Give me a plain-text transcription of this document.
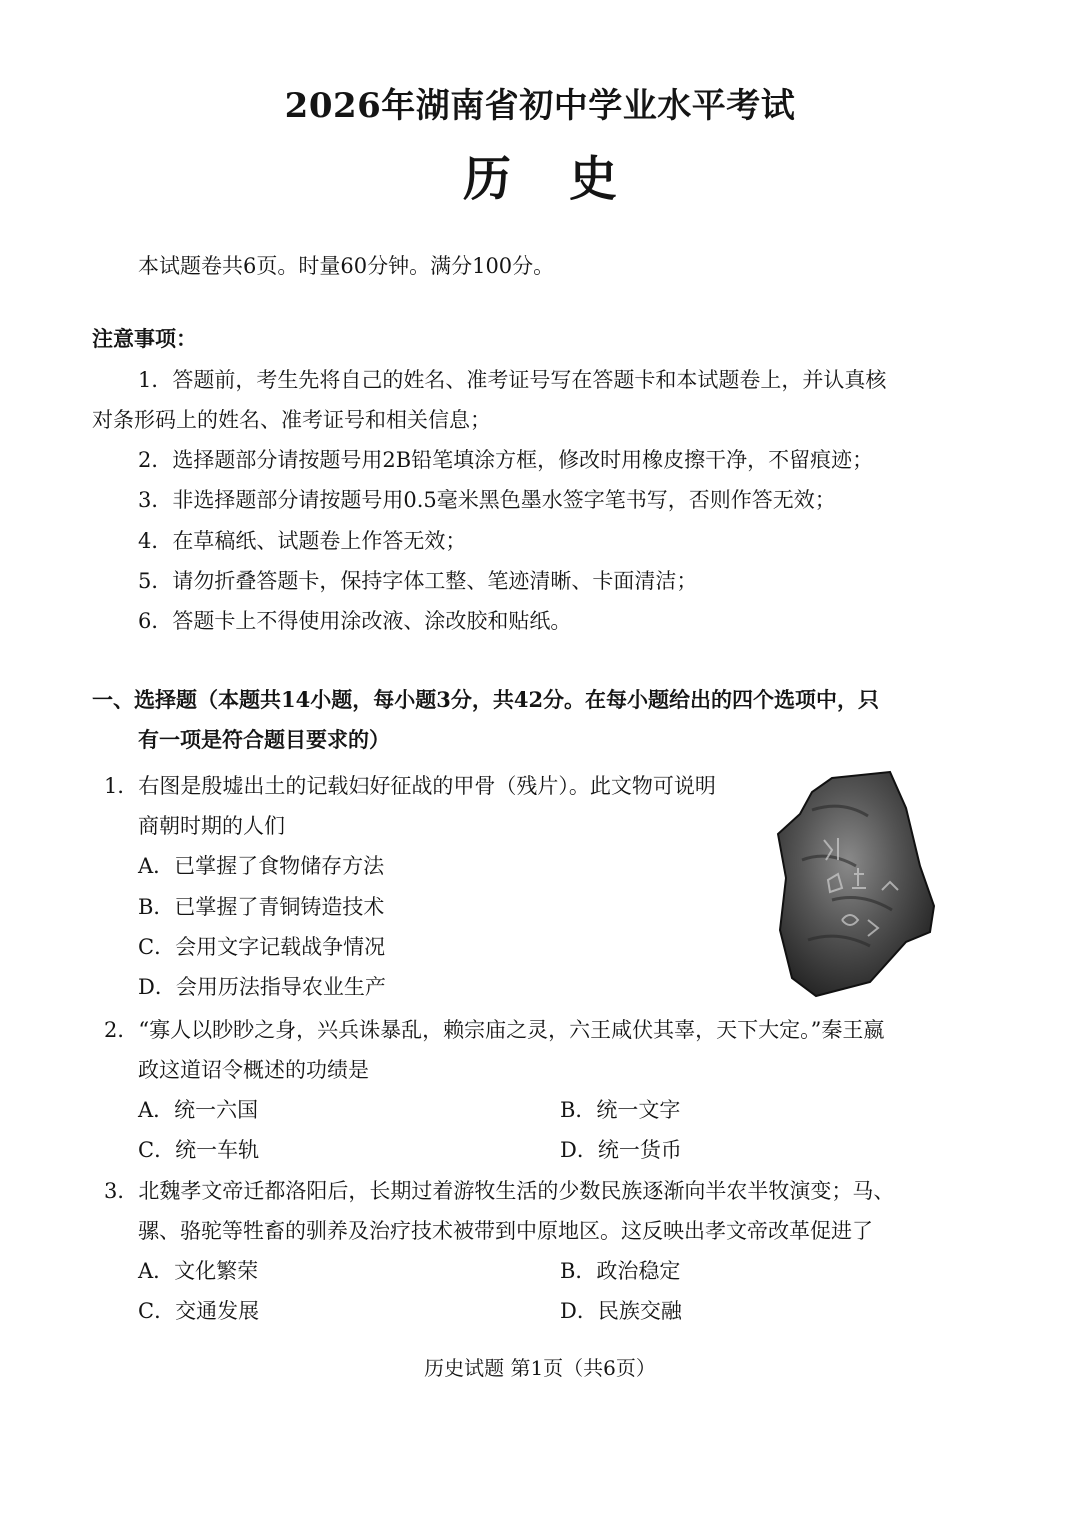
2026年湖南省初中学业水平考试
历史
本试题卷共6页。时量60分钟。满分100分。
注意事项：
1．答题前，考生先将自己的姓名、准考证号写在答题卡和本试题卷上，并认真核
对条形码上的姓名、准考证号和相关信息；
2．选择题部分请按题号用2B铅笔填涂方框，修改时用橡皮擦干净，不留痕迹；
3．非选择题部分请按题号用0.5毫米黑色墨水签字笔书写，否则作答无效；
4．在草稿纸、试题卷上作答无效；
5．请勿折叠答题卡，保持字体工整、笔迹清晰、卡面清洁；
6．答题卡上不得使用涂改液、涂改胶和贴纸。
一、选择题（本题共14小题，每小题3分，共42分。在每小题给出的四个选项中，只
有一项是符合题目要求的）
1．右图是殷墟出土的记载妇好征战的甲骨（残片）。此文物可说明
商朝时期的人们
A．已掌握了食物储存方法
B．已掌握了青铜铸造技术
C．会用文字记载战争情况
D．会用历法指导农业生产
2．“寡人以眇眇之身，兴兵诛暴乱，赖宗庙之灵，六王咸伏其辜，天下大定。”秦王嬴
政这道诏令概述的功绩是
A．统一六国	B．统一文字
C．统一车轨	D．统一货币
3．北魏孝文帝迁都洛阳后，长期过着游牧生活的少数民族逐渐向半农半牧演变；马、
骡、骆驼等牲畜的驯养及治疗技术被带到中原地区。这反映出孝文帝改革促进了
A．文化繁荣	B．政治稳定
C．交通发展	D．民族交融
历史试题 第1页（共6页）
